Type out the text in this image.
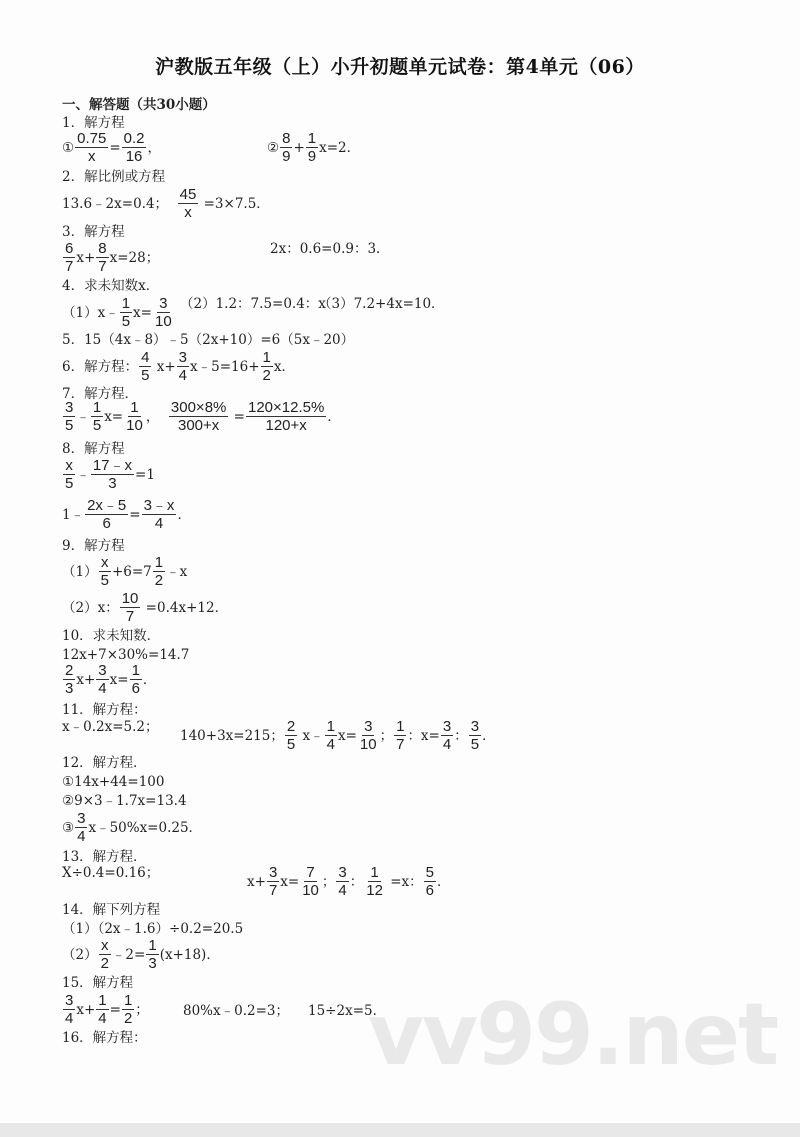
沪教版五年级（上）小升初题单元试卷：第4单元（06）
一、解答题（共30小题）
1．解方程
① $\frac{0.75}{x} = \frac{0.2}{16}$ ，	② $\frac{8}{9} + \frac{1}{9} x=2$．
2．解比例或方程
13.6﹣2x=0.4； $\frac{45}{x} =3\times 7.5$．
3．解方程
$\frac{6}{7} x+ \frac{8}{7} x=28$；
2x：0.6=0.9：3．
4．求未知数x．
（1）x﹣ $\frac{1}{5} x= \frac{3}{10} (2)1.2$：7.5=0.4：x
（3）7.2+4x=10．
5．15（4x﹣8）﹣5（2x+10）=6（5x﹣20）
6．解方程： $\frac{4}{5} x+ \frac{3}{4}$ x﹣5=16+ $\frac{1}{2}$ x．
7．解方程．
$\frac{3}{5}$ ﹣ $\frac{1}{5} x= \frac{1}{10}$ ， $\frac{300\times 8\%}{300+x} = \frac{120\times 12.5\%}{120+x}$ ．
8．解方程
$\frac{x}{5}$ ﹣ $\frac{17﹣x}{3} =1$
1﹣ $\frac{2x﹣5}{6} = \frac{3﹣x}{4}$ ．
9．解方程
$(1) \frac{x}{5} +6=7 \frac{1}{2}$ ﹣x
（2）x： $\frac{10}{7} =0.4x+12$．
10．求未知数．
12x+7×30%=14.7
$\frac{2}{3} x+ \frac{3}{4} x= \frac{1}{6}$ ．
11．解方程：
x﹣0.2x=5.2；
140+3x=215； $\frac{2}{5}$ x﹣ $\frac{1}{4} x= \frac{3}{10}$ ； $\frac{1}{7}$ ：$x= \frac{3}{4}$ ： $\frac{3}{5}$ ．
12．解方程．
①14x+44=100
②9×3﹣1.7x=13.4
③ $\frac{3}{4}$ x﹣50%x=0.25．
13．解方程．
X÷0.4=0.16；
$x+ \frac{3}{7} x= \frac{7}{10}$ ； $\frac{3}{4}$ ： $\frac{1}{12} =x$： $\frac{5}{6}$ ．
14．解下列方程
（1）（2x﹣1.6）÷0.2=20.5
$(2) \frac{x}{2}$ ﹣2= $\frac{1}{3} (x+18)$．
15．解方程
$\frac{3}{4} x+ \frac{1}{4} = \frac{1}{2}$ ；	80%x﹣0.2=3； 15÷2x=5．
16．解方程：	vv99.net
